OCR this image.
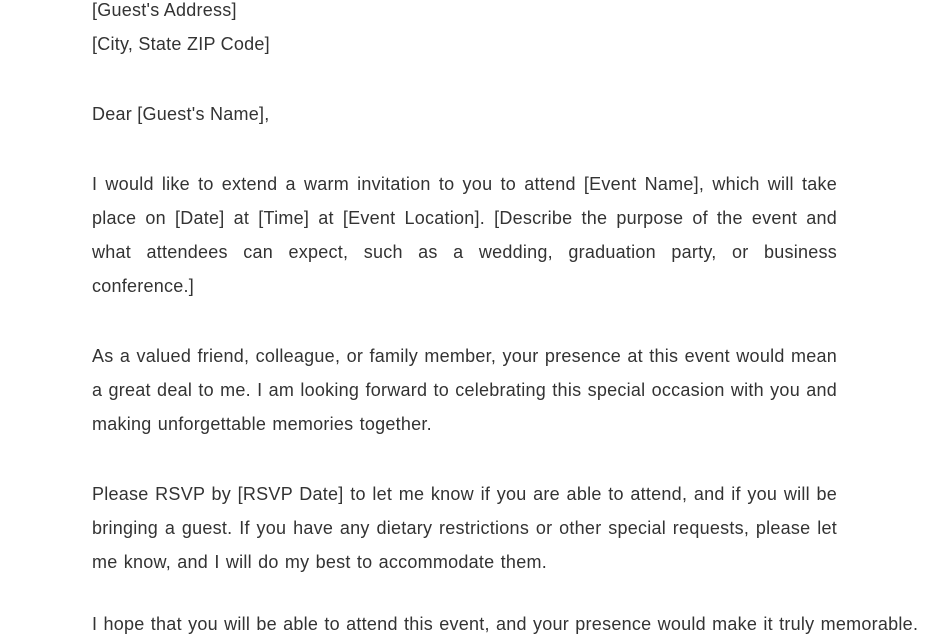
[Guest's Address]

[City, State ZIP Code]

Dear [Guest's Name],

I would like to extend a warm invitation to you to attend [Event Name], which will take place on [Date] at [Time] at [Event Location]. [Describe the purpose of the event and what attendees can expect, such as a wedding, graduation party, or business conference.]

As a valued friend, colleague, or family member, your presence at this event would mean a great deal to me. I am looking forward to celebrating this special occasion with you and making unforgettable memories together.

Please RSVP by [RSVP Date] to let me know if you are able to attend, and if you will be bringing a guest. If you have any dietary restrictions or other special requests, please let me know, and I will do my best to accommodate them.

I hope that you will be able to attend this event, and your presence would make it truly memorable.
